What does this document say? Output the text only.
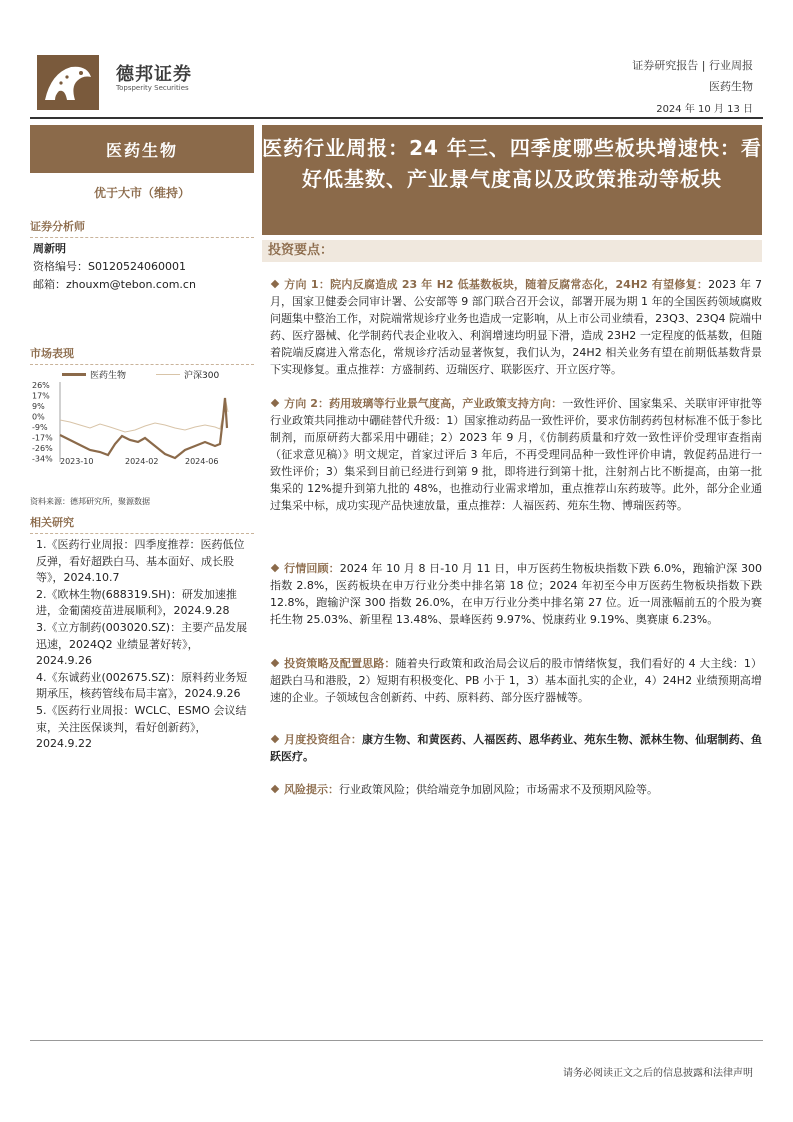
德邦证券
Topsperity Securities
证券研究报告 | 行业周报
医药生物
2024 年 10 月 13 日
医药生物
优于大市（维持）
证券分析师
周新明
资格编号：S0120524060001
邮箱：zhouxm@tebon.com.cn
市场表现
医药生物	沪深300
26%
17%
9%
0%
-9%
-17%
-26%
-34% 2023-10	2024-02	2024-06
资料来源：德邦研究所，聚源数据
相关研究
1.《医药行业周报：四季度推荐：医药低位反弹，看好超跌白马、基本面好、成长股等》，2024.10.7
2.《欧林生物(688319.SH)：研发加速推进，金葡菌疫苗进展顺利》，2024.9.28
3.《立方制药(003020.SZ)：主要产品发展迅速，2024Q2 业绩显著好转》，2024.9.26
4.《东诚药业(002675.SZ)：原料药业务短期承压，核药管线布局丰富》，2024.9.26
5.《医药行业周报：WCLC、ESMO 会议结束，关注医保谈判，看好创新药》，2024.9.22
医药行业周报：24 年三、四季度哪些板块增速快：看好低基数、产业景气度高以及政策推动等板块
投资要点：
方向 1：院内反腐造成 23 年 H2 低基数板块，随着反腐常态化，24H2 有望修复：2023 年 7 月，国家卫健委会同审计署、公安部等 9 部门联合召开会议，部署开展为期 1 年的全国医药领域腐败问题集中整治工作，对院端常规诊疗业务也造成一定影响，从上市公司业绩看，23Q3、23Q4 院端中药、医疗器械、化学制药代表企业收入、利润增速均明显下滑，造成 23H2 一定程度的低基数，但随着院端反腐进入常态化，常规诊疗活动显著恢复，我们认为，24H2 相关业务有望在前期低基数背景下实现修复。重点推荐：方盛制药、迈瑞医疗、联影医疗、开立医疗等。
方向 2：药用玻璃等行业景气度高，产业政策支持方向：一致性评价、国家集采、关联审评审批等行业政策共同推动中硼硅替代升级：1）国家推动药品一致性评价，要求仿制药药包材标准不低于参比制剂，而原研药大都采用中硼硅；2）2023 年 9 月，《仿制药质量和疗效一致性评价受理审查指南（征求意见稿）》明文规定，首家过评后 3 年后，不再受理同品种一致性评价申请，敦促药品进行一致性评价；3）集采到目前已经进行到第 9 批，即将进行到第十批，注射剂占比不断提高，由第一批集采的 12%提升到第九批的 48%，也推动行业需求增加，重点推荐山东药玻等。此外，部分企业通过集采中标，成功实现产品快速放量，重点推荐：人福医药、苑东生物、博瑞医药等。
行情回顾：2024 年 10 月 8 日-10 月 11 日，申万医药生物板块指数下跌 6.0%，跑输沪深 300 指数 2.8%，医药板块在申万行业分类中排名第 18 位；2024 年初至今申万医药生物板块指数下跌 12.8%，跑输沪深 300 指数 26.0%，在申万行业分类中排名第 27 位。近一周涨幅前五的个股为赛托生物 25.03%、新里程 13.48%、景峰医药 9.97%、悦康药业 9.19%、奥赛康 6.23%。
投资策略及配置思路：随着央行政策和政治局会议后的股市情绪恢复，我们看好的 4 大主线：1）超跌白马和港股，2）短期有积极变化、PB 小于 1，3）基本面扎实的企业，4）24H2 业绩预期高增速的企业。子领域包含创新药、中药、原料药、部分医疗器械等。
月度投资组合：康方生物、和黄医药、人福医药、恩华药业、苑东生物、派林生物、仙琚制药、鱼跃医疗。
风险提示：行业政策风险；供给端竞争加剧风险；市场需求不及预期风险等。
请务必阅读正文之后的信息披露和法律声明
